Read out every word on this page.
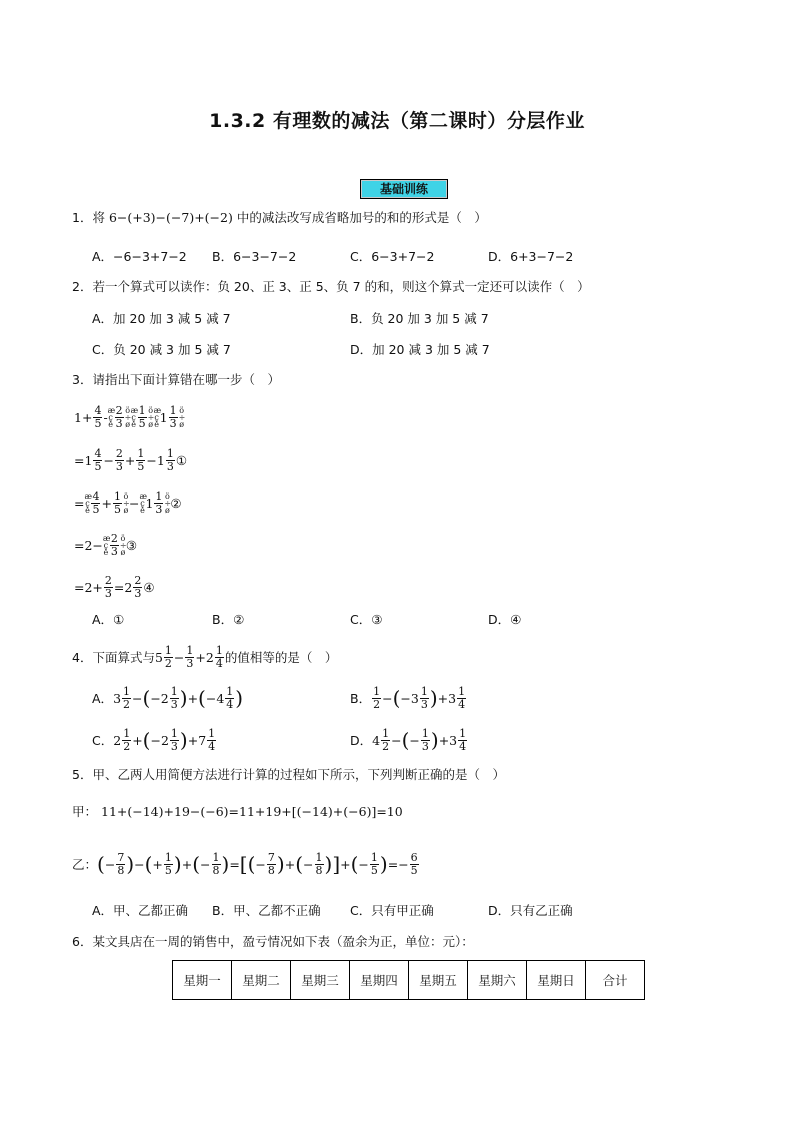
1.3.2 有理数的减法（第二课时）分层作业
基础训练
1．将 6−(+3)−(−7)+(−2) 中的减法改写成省略加号的和的形式是（　）
A．−6−3+7−2 B．6−3−7−2	C．6−3+7−2	D．6+3−7−2
2．若一个算式可以读作：负 20、正 3、正 5、负 7 的和，则这个算式一定还可以读作（　）
A．加 20 加 3 减 5 减 7	B．负 20 加 3 加 5 减 7
C．负 20 减 3 加 5 减 7	D．加 20 减 3 加 5 减 7
3．请指出下面计算错在哪一步（　）
$1+ \frac{4}{5}$ - æ
ç
è $\frac{2}{3}$ ö
÷
ø
æ
ç
è $\frac{1}{5}$ ö
÷
ø
æ
ç
è $1 \frac{1}{3}$ ö
÷
ø
$=1 \frac{4}{5} - \frac{2}{3} + \frac{1}{5} -1 \frac{1}{3}$ ①
= æ
ç
è $\frac{4}{5} + \frac{1}{5}$ ö
÷
ø − æ
ç
è $1 \frac{1}{3}$ ö
÷
ø ②
=2− æ
ç
è $\frac{2}{3}$ ö
÷
ø ③
$=2+ \frac{2}{3} =2 \frac{2}{3}$ ④
A．①	B．②	C．③	D．④
4．下面算式与 $5 \frac{1}{2} - \frac{1}{3} +2 \frac{1}{4}$ 的值相等的是（　）
A． $3 \frac{1}{2}$ − ( $-2 \frac{1}{3}$ ) + ( $-4 \frac{1}{4}$ )	B． $\frac{1}{2}$ − ( $-3 \frac{1}{3}$ ) $+3 \frac{1}{4}$
C． $2 \frac{1}{2}$ + ( $-2 \frac{1}{3}$ ) $+7 \frac{1}{4}$	D． $4 \frac{1}{2}$ − ( − $\frac{1}{3}$ ) $+3 \frac{1}{4}$
5．甲、乙两人用简便方法进行计算的过程如下所示，下列判断正确的是（　）
甲： 11+(−14)+19−(−6)=11+19+[(−14)+(−6)]=10
乙： ( − $\frac{7}{8}$ ) − ( + $\frac{1}{5}$ ) + ( − $\frac{1}{8}$ ) = [ ( − $\frac{7}{8}$ ) + ( − $\frac{1}{8}$ ) ] + ( − $\frac{1}{5}$ ) =− $\frac{6}{5}$
A．甲、乙都正确 B．甲、乙都不正确 C．只有甲正确	D．只有乙正确
6．某文具店在一周的销售中，盈亏情况如下表（盈余为正，单位：元）：
星期一	星期二	星期三	星期四	星期五	星期六	星期日	合计
